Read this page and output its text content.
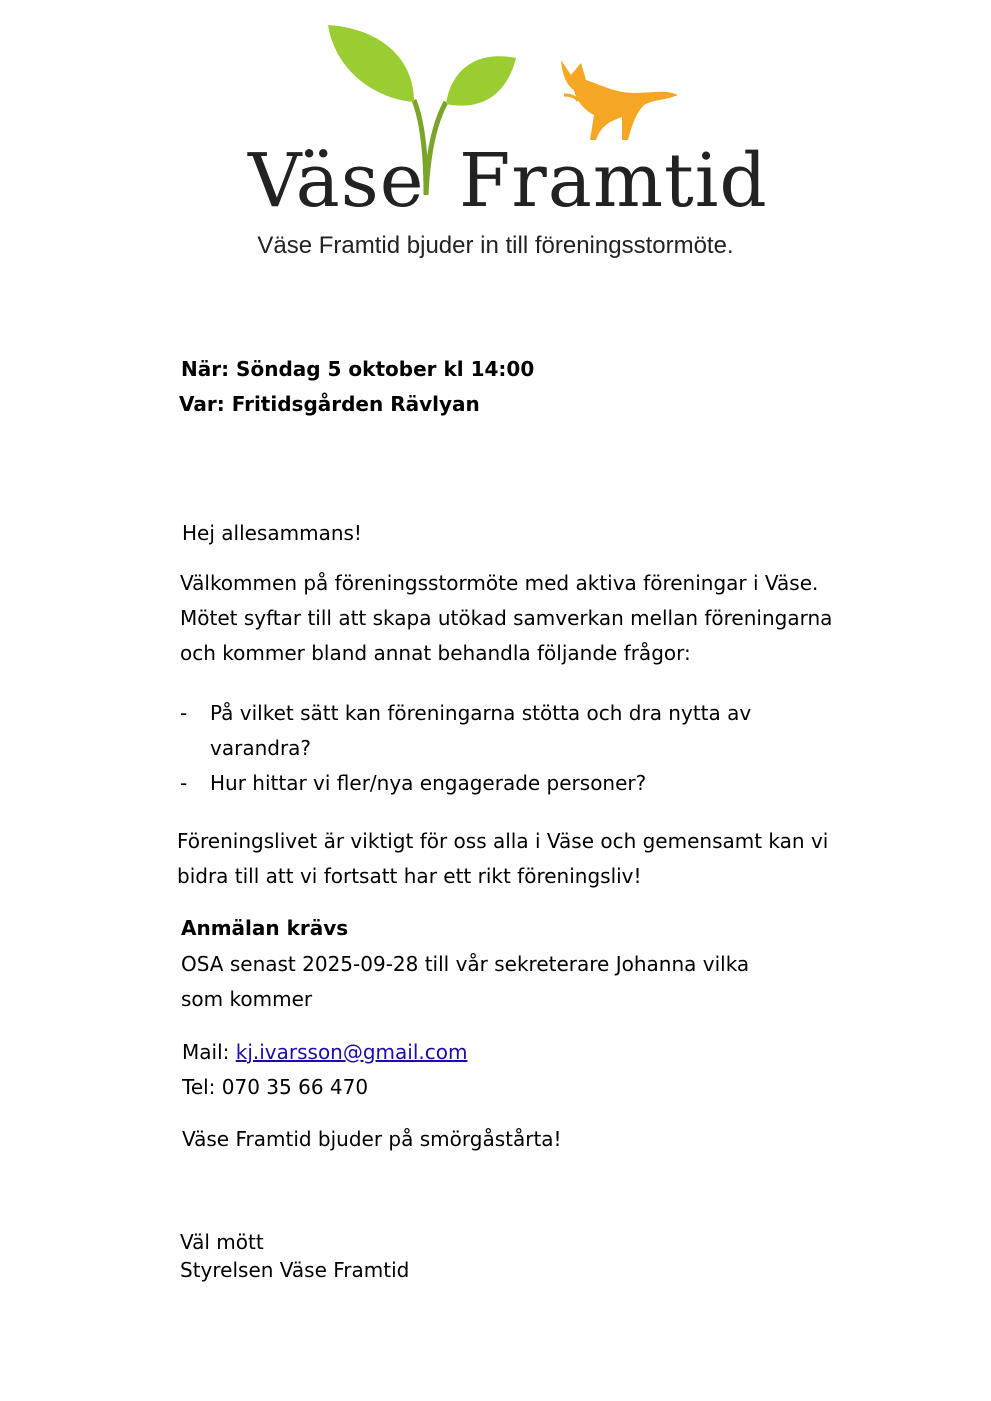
Väse Framtid
Väse Framtid bjuder in till föreningsstormöte.
När: Söndag 5 oktober kl 14:00
Var: Fritidsgården Rävlyan
Hej allesammans!
Välkommen på föreningsstormöte med aktiva föreningar i Väse.
Mötet syftar till att skapa utökad samverkan mellan föreningarna
och kommer bland annat behandla följande frågor:
- På vilket sätt kan föreningarna stötta och dra nytta av
varandra?
- Hur hittar vi fler/nya engagerade personer?
Föreningslivet är viktigt för oss alla i Väse och gemensamt kan vi
bidra till att vi fortsatt har ett rikt föreningsliv!
Anmälan krävs
OSA senast 2025-09-28 till vår sekreterare Johanna vilka
som kommer
Mail: kj.ivarsson@gmail.com
Tel: 070 35 66 470
Väse Framtid bjuder på smörgåstårta!
Väl mött
Styrelsen Väse Framtid
